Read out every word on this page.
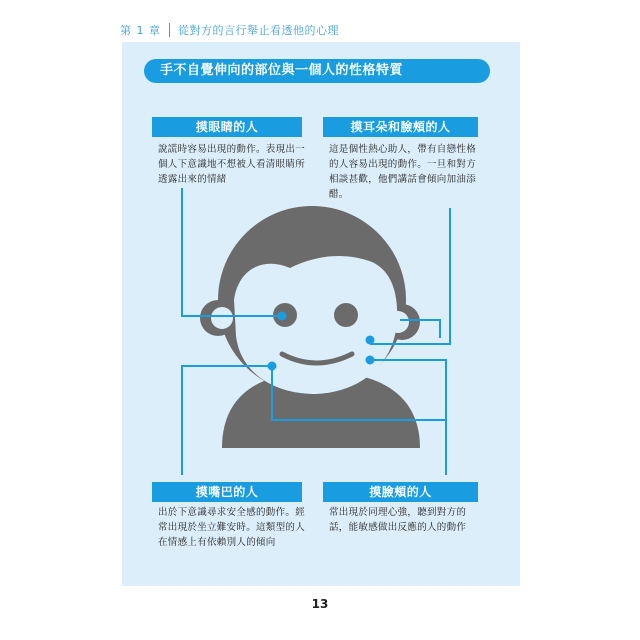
第 1 章	從對方的言行舉止看透他的心理
手不自覺伸向的部位與一個人的性格特質
摸眼睛的人
說謊時容易出現的動作。表現出一個人下意識地不想被人看清眼睛所透露出來的情緒
摸耳朵和臉頰的人
這是個性熱心助人，帶有自戀性格的人容易出現的動作。一旦和對方相談甚歡，他們講話會傾向加油添醋。
摸嘴巴的人
出於下意識尋求安全感的動作。經常出現於坐立難安時。這類型的人在情感上有依賴別人的傾向
摸臉頰的人
常出現於同理心強，聽到對方的話，能敏感做出反應的人的動作
13
